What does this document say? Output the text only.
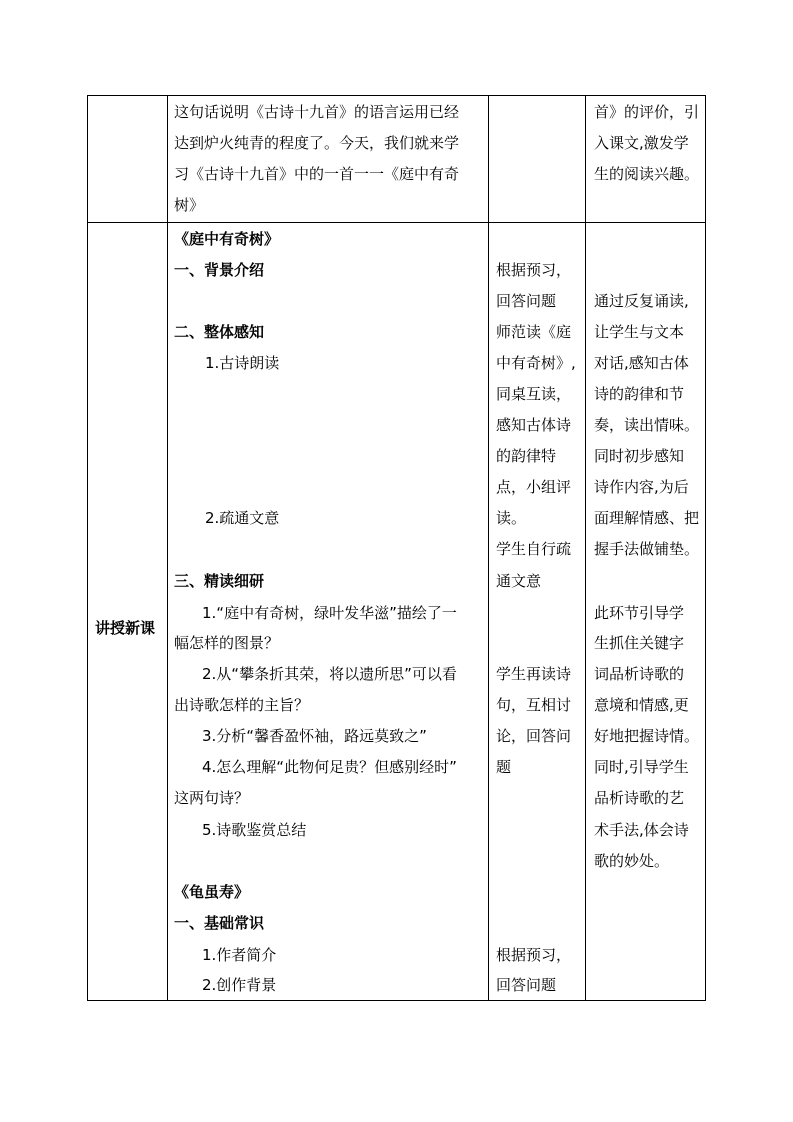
这句话说明《古诗十九首》的语言运用已经
达到炉火纯青的程度了。今天，我们就来学
习《古诗十九首》中的一首一一《庭中有奇
树》
首》的评价，引
入课文,激发学
生的阅读兴趣。
讲授新课
《庭中有奇树》
一、背景介绍
二、整体感知
1.古诗朗读
2.疏通文意
三、精读细研
1.“庭中有奇树，绿叶发华滋”描绘了一
幅怎样的图景？
2.从“攀条折其荣，将以遗所思”可以看
出诗歌怎样的主旨？
3.分析“馨香盈怀袖，路远莫致之”
4.怎么理解“此物何足贵？但感别经时”
这两句诗？
5.诗歌鉴赏总结
《龟虽寿》
一、基础常识
1.作者简介
2.创作背景
根据预习，
回答问题
师范读《庭
中有奇树》,
同桌互读，
感知古体诗
的韵律特
点，小组评
读。
学生自行疏
通文意
学生再读诗
句，互相讨
论，回答问
题
根据预习，
回答问题
通过反复诵读,
让学生与文本
对话,感知古体
诗的韵律和节
奏，读出情味。
同时初步感知
诗作内容,为后
面理解情感、把
握手法做铺垫。
此环节引导学
生抓住关键字
词品析诗歌的
意境和情感,更
好地把握诗情。
同时,引导学生
品析诗歌的艺
术手法,体会诗
歌的妙处。
